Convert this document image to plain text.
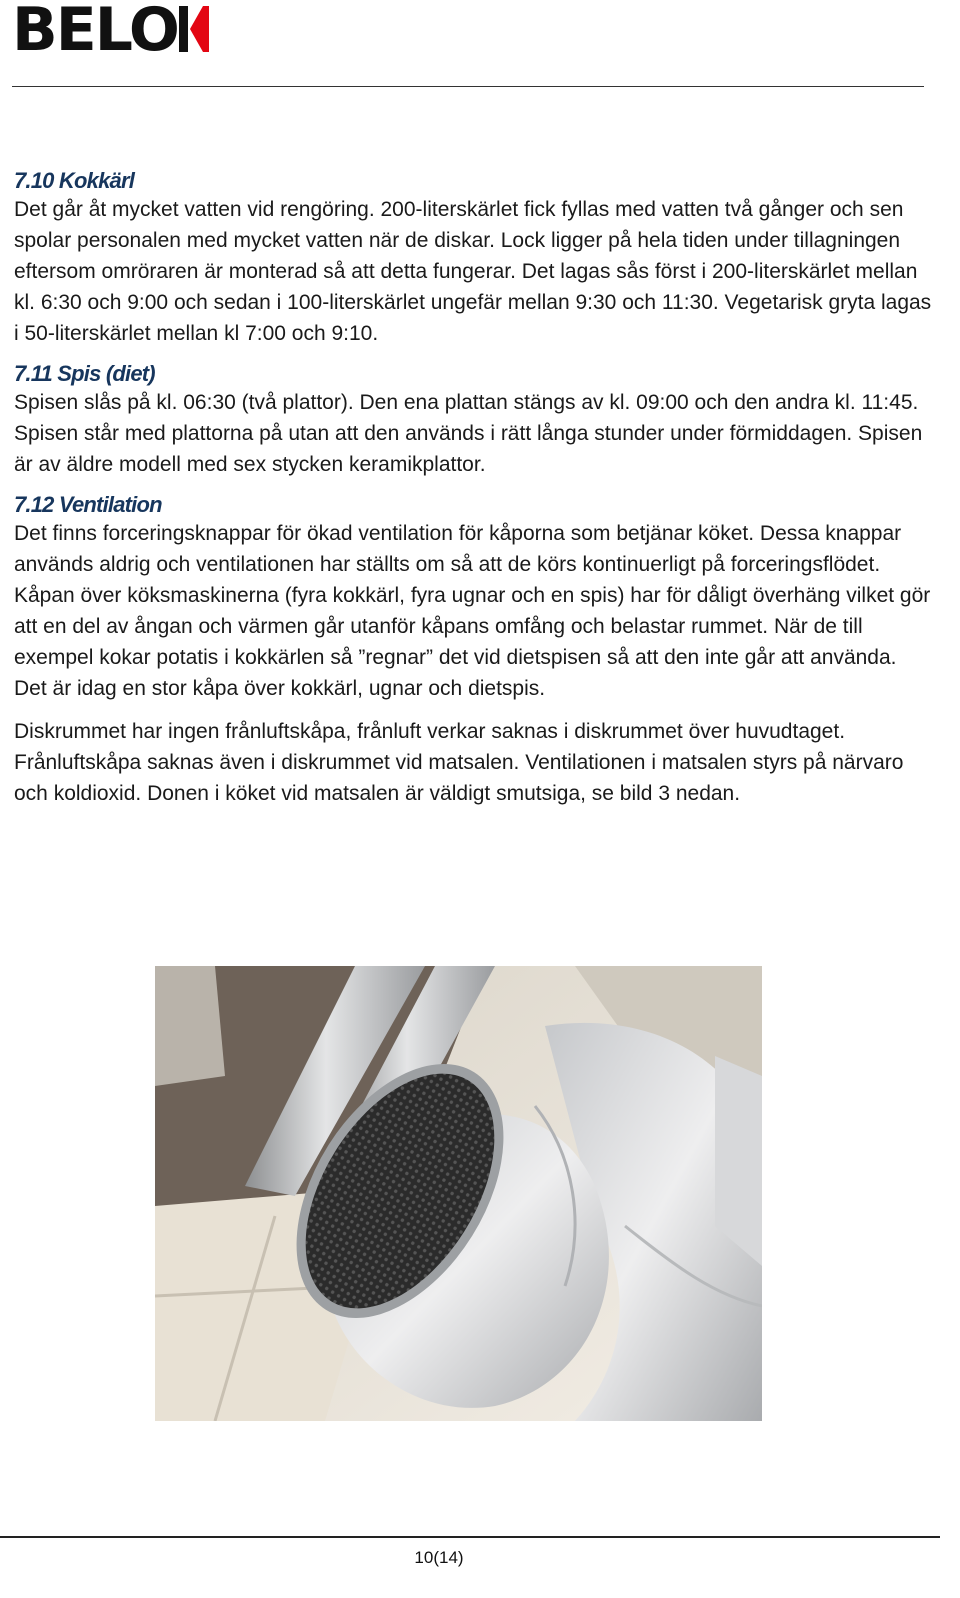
BELO
7.10 Kokkärl

Det går åt mycket vatten vid rengöring. 200-literskärlet fick fyllas med vatten två gånger och sen spolar personalen med mycket vatten när de diskar. Lock ligger på hela tiden under tillagningen eftersom omröraren är monterad så att detta fungerar. Det lagas sås först i 200-literskärlet mellan kl. 6:30 och 9:00 och sedan i 100-literskärlet ungefär mellan 9:30 och 11:30. Vegetarisk gryta lagas i 50-literskärlet mellan kl 7:00 och 9:10.

7.11 Spis (diet)

Spisen slås på kl. 06:30 (två plattor). Den ena plattan stängs av kl. 09:00 och den andra kl. 11:45. Spisen står med plattorna på utan att den används i rätt långa stunder under förmiddagen. Spisen är av äldre modell med sex stycken keramikplattor.

7.12 Ventilation

Det finns forceringsknappar för ökad ventilation för kåporna som betjänar köket. Dessa knappar används aldrig och ventilationen har ställts om så att de körs kontinuerligt på forceringsflödet. Kåpan över köksmaskinerna (fyra kokkärl, fyra ugnar och en spis) har för dåligt överhäng vilket gör att en del av ångan och värmen går utanför kåpans omfång och belastar rummet. När de till exempel kokar potatis i kokkärlen så ”regnar” det vid dietspisen så att den inte går att använda. Det är idag en stor kåpa över kokkärl, ugnar och dietspis.

Diskrummet har ingen frånluftskåpa, frånluft verkar saknas i diskrummet över huvudtaget. Frånluftskåpa saknas även i diskrummet vid matsalen. Ventilationen i matsalen styrs på närvaro och koldioxid. Donen i köket vid matsalen är väldigt smutsiga, se bild 3 nedan.

10(14)
